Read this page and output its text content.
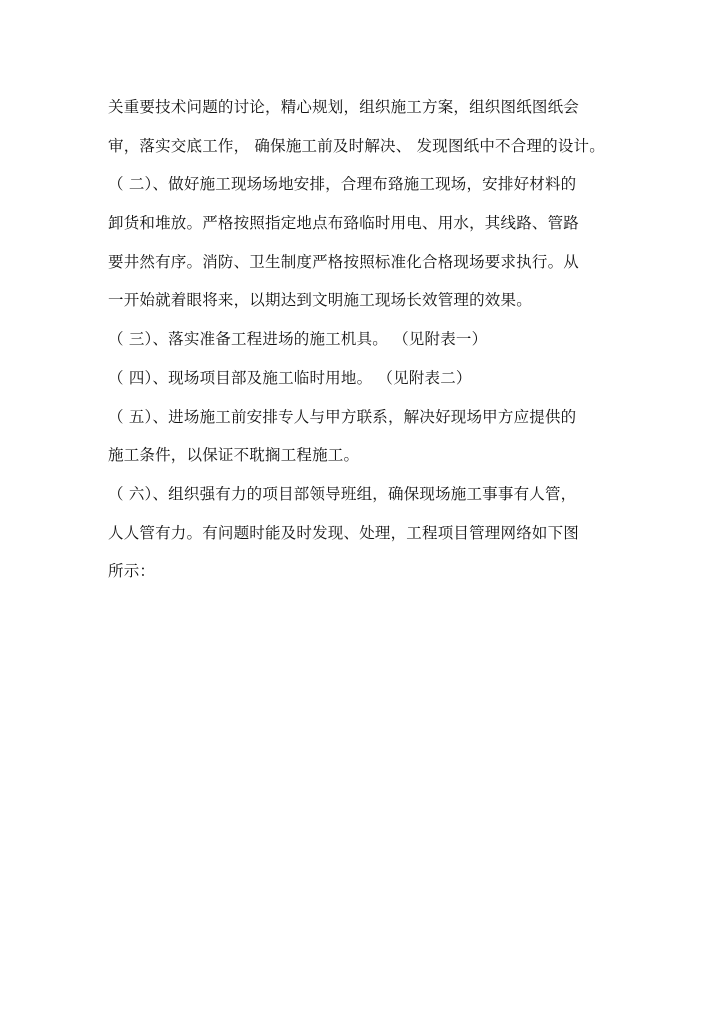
关重要技术问题的讨论，精心规划，组织施工方案，组织图纸图纸会
审，落实交底工作， 确保施工前及时解决、 发现图纸中不合理的设计。
（ 二）、做好施工现场场地安排，合理布臵施工现场，安排好材料的
卸货和堆放。严格按照指定地点布臵临时用电、用水，其线路、管路
要井然有序。消防、卫生制度严格按照标准化合格现场要求执行。从
一开始就着眼将来，以期达到文明施工现场长效管理的效果。
（ 三）、落实准备工程进场的施工机具。 （见附表一）
（ 四）、现场项目部及施工临时用地。 （见附表二）
（ 五）、进场施工前安排专人与甲方联系，解决好现场甲方应提供的
施工条件，以保证不耽搁工程施工。
（ 六）、组织强有力的项目部领导班组，确保现场施工事事有人管，
人人管有力。有问题时能及时发现、处理，工程项目管理网络如下图
所示：
